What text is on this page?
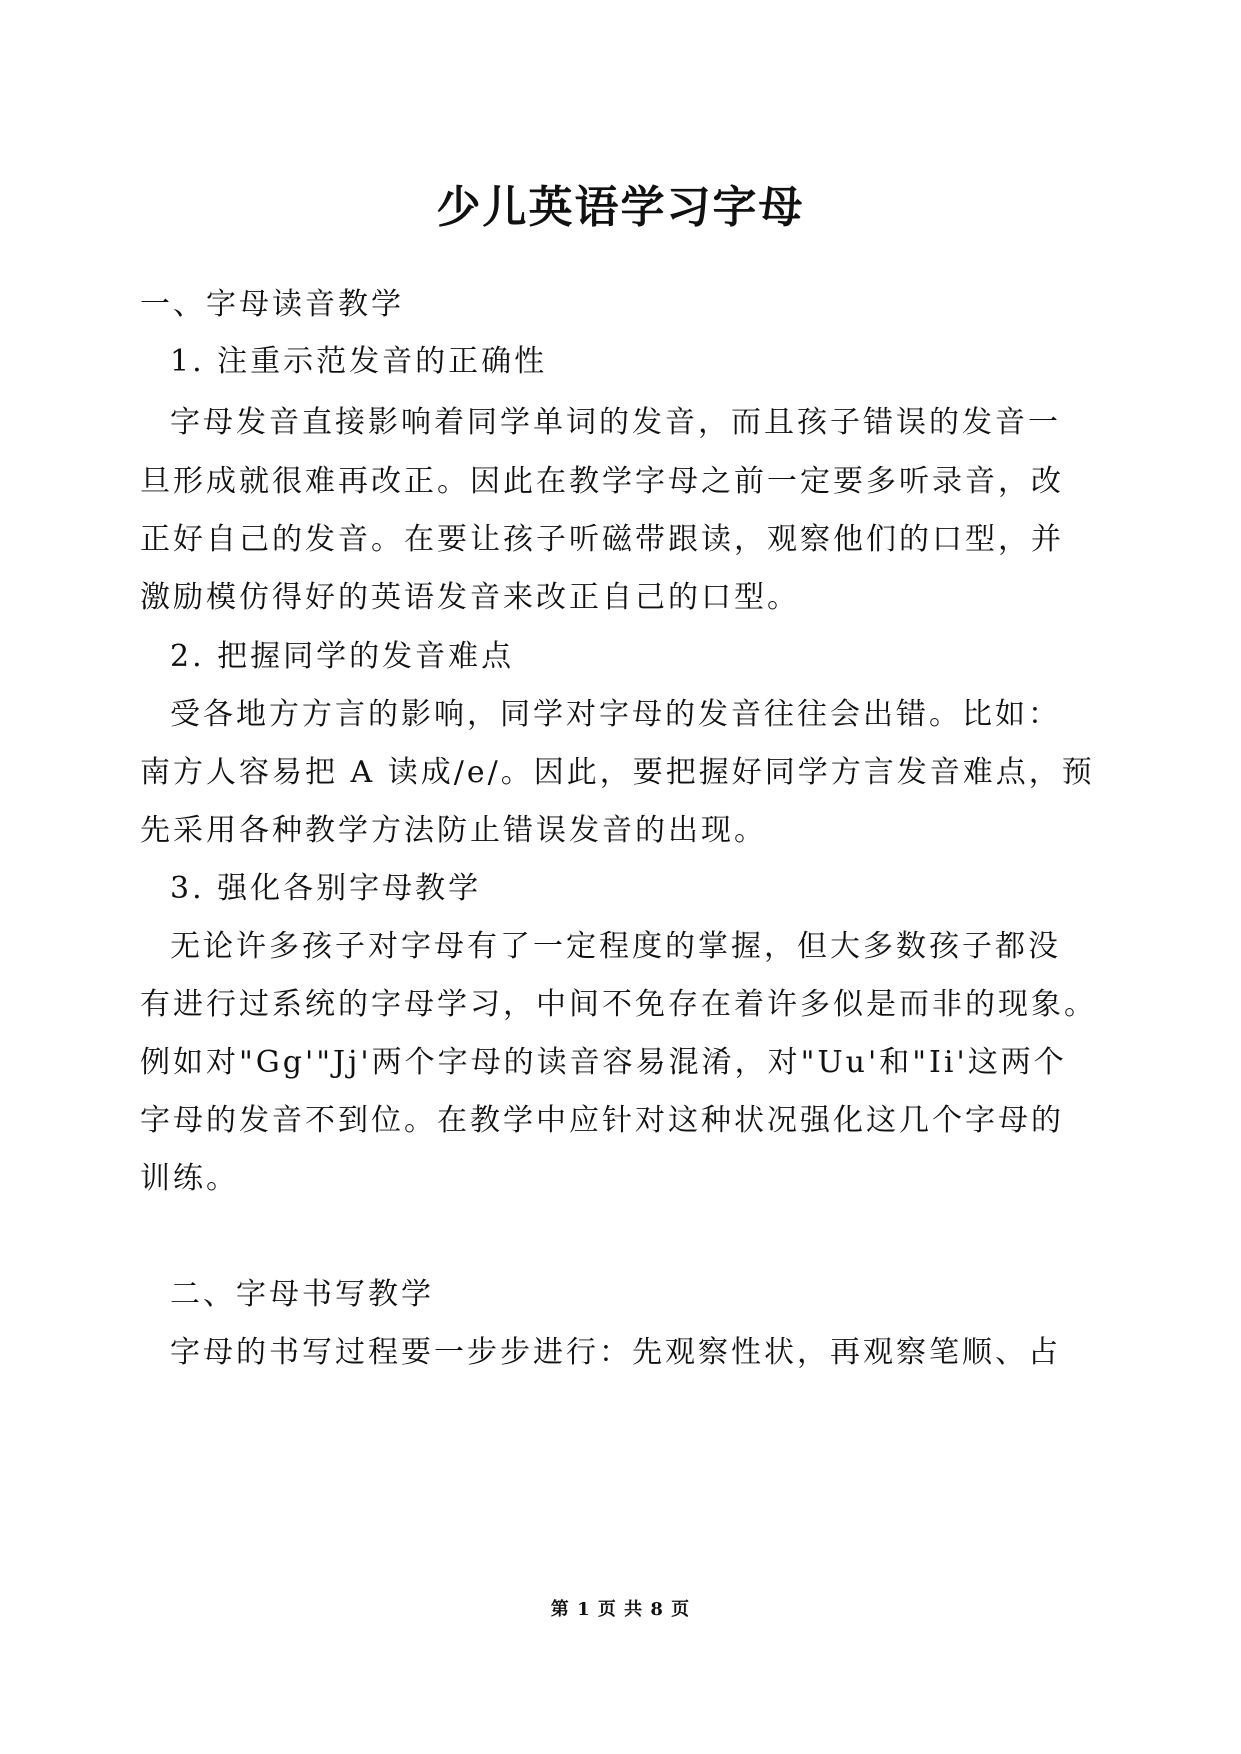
少儿英语学习字母

一、字母读音教学

1. 注重示范发音的正确性

字母发音直接影响着同学单词的发音，而且孩子错误的发音一

旦形成就很难再改正。因此在教学字母之前一定要多听录音，改

正好自己的发音。在要让孩子听磁带跟读，观察他们的口型，并

激励模仿得好的英语发音来改正自己的口型。

2. 把握同学的发音难点

受各地方方言的影响，同学对字母的发音往往会出错。比如：

南方人容易把 A 读成/e/。因此，要把握好同学方言发音难点，预

先采用各种教学方法防止错误发音的出现。

3. 强化各别字母教学

无论许多孩子对字母有了一定程度的掌握，但大多数孩子都没

有进行过系统的字母学习，中间不免存在着许多似是而非的现象。

例如对"Gg'"Jj'两个字母的读音容易混淆，对"Uu'和"Ii'这两个

字母的发音不到位。在教学中应针对这种状况强化这几个字母的

训练。

二、字母书写教学

字母的书写过程要一步步进行：先观察性状，再观察笔顺、占

第 1 页 共 8 页
